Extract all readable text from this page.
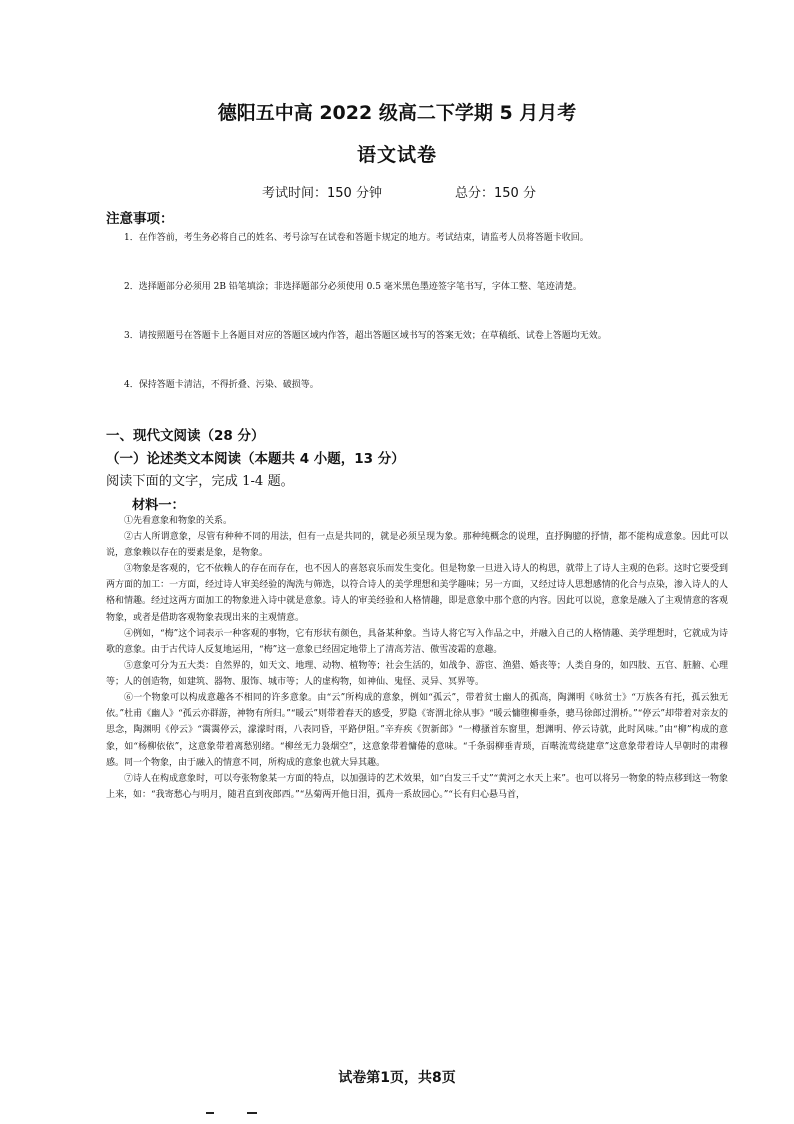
德阳五中高 2022 级高二下学期 5 月月考
语文试卷
考试时间：150 分钟	总分：150 分
注意事项：
1．在作答前，考生务必将自己的姓名、考号涂写在试卷和答题卡规定的地方。考试结束，请监考人员将答题卡收回。
2．选择题部分必须用 2B 铅笔填涂；非选择题部分必须使用 0.5 毫米黑色墨迹签字笔书写，字体工整、笔迹清楚。
3．请按照题号在答题卡上各题目对应的答题区域内作答，超出答题区域书写的答案无效；在草稿纸、试卷上答题均无效。
4．保持答题卡清洁，不得折叠、污染、破损等。
一、现代文阅读（28 分）
（一）论述类文本阅读（本题共 4 小题，13 分）
阅读下面的文字，完成 1-4 题。
材料一：
①先看意象和物象的关系。
②古人所谓意象，尽管有种种不同的用法，但有一点是共同的，就是必须呈现为象。那种纯概念的说理，直抒胸臆的抒情，都不能构成意象。因此可以说，意象赖以存在的要素是象，是物象。
③物象是客观的，它不依赖人的存在而存在，也不因人的喜怒哀乐而发生变化。但是物象一旦进入诗人的构思，就带上了诗人主观的色彩。这时它要受到两方面的加工：一方面，经过诗人审美经验的淘洗与筛选，以符合诗人的美学理想和美学趣味；另一方面，又经过诗人思想感情的化合与点染，渗入诗人的人格和情趣。经过这两方面加工的物象进入诗中就是意象。诗人的审美经验和人格情趣，即是意象中那个意的内容。因此可以说，意象是融入了主观情意的客观物象，或者是借助客观物象表现出来的主观情意。
④例如，“梅”这个词表示一种客观的事物，它有形状有颜色，具备某种象。当诗人将它写入作品之中，并融入自己的人格情趣、美学理想时，它就成为诗歌的意象。由于古代诗人反复地运用，“梅”这一意象已经固定地带上了清高芳洁、傲雪凌霜的意趣。
⑤意象可分为五大类：自然界的，如天文、地理、动物、植物等；社会生活的，如战争、游宦、渔猎、婚丧等；人类自身的，如四肢、五官、脏腑、心理等；人的创造物，如建筑、器物、服饰、城市等；人的虚构物，如神仙、鬼怪、灵异、冥界等。
⑥一个物象可以构成意趣各不相同的许多意象。由“云”所构成的意象，例如“孤云”，带着贫士幽人的孤高，陶渊明《咏贫士》“万族各有托，孤云独无依。”杜甫《幽人》“孤云亦群游，神物有所归。”“暖云”则带着春天的感受，罗隐《寄渭北徐从事》“暖云慵堕柳垂条，骢马徐郎过渭桥。”“停云”却带着对亲友的思念，陶渊明《停云》“霭霭停云，濛濛时雨，八表同昏，平路伊阻。”辛弃疾《贺新郎》“一樽搔首东窗里，想渊明、停云诗就，此时风味。”由“柳”构成的意象，如“杨柳依依”，这意象带着离愁别绪。“柳丝无力袅烟空”，这意象带着慵倦的意味。“千条弱柳垂青琐，百啭流莺绕建章”这意象带着诗人早朝时的肃穆感。同一个物象，由于融入的情意不同，所构成的意象也就大异其趣。
试卷第1页，共8页
⑦诗人在构成意象时，可以夸张物象某一方面的特点，以加强诗的艺术效果，如“白发三千丈”“黄河之水天上来”。也可以将另一物象的特点移到这一物象上来，如：“我寄愁心与明月，随君直到夜郎西。”“丛菊两开他日泪，孤舟一系故园心。”“长有归心悬马首，
